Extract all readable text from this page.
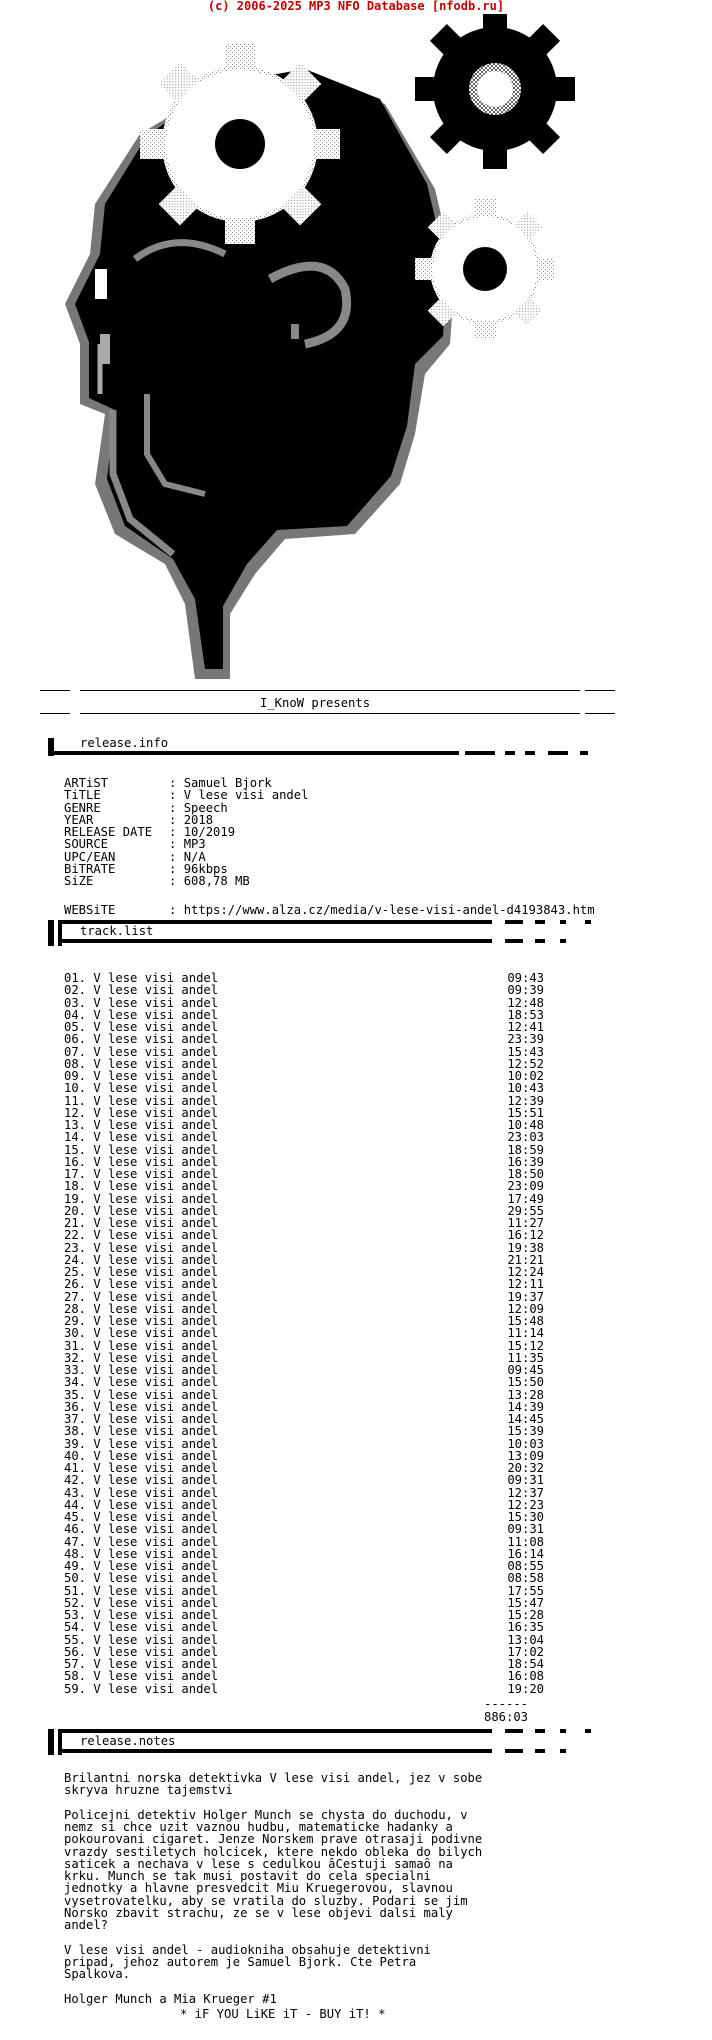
(c) 2006-2025 MP3 NFO Database [nfodb.ru]
I_KnoW presents
release.info
ARTiST	: Samuel Bjork
TiTLE	: V lese visi andel
GENRE	: Speech
YEAR	: 2018
RELEASE DATE : 10/2019
SOURCE	: MP3
UPC/EAN	: N/A
BiTRATE	: 96kbps
SiZE	: 608,78 MB
WEBSiTE	: https://www.alza.cz/media/v-lese-visi-andel-d4193843.htm
track.list
01. V lese visi andel	09:43
02. V lese visi andel	09:39
03. V lese visi andel	12:48
04. V lese visi andel	18:53
05. V lese visi andel	12:41
06. V lese visi andel	23:39
07. V lese visi andel	15:43
08. V lese visi andel	12:52
09. V lese visi andel	10:02
10. V lese visi andel	10:43
11. V lese visi andel	12:39
12. V lese visi andel	15:51
13. V lese visi andel	10:48
14. V lese visi andel	23:03
15. V lese visi andel	18:59
16. V lese visi andel	16:39
17. V lese visi andel	18:50
18. V lese visi andel	23:09
19. V lese visi andel	17:49
20. V lese visi andel	29:55
21. V lese visi andel	11:27
22. V lese visi andel	16:12
23. V lese visi andel	19:38
24. V lese visi andel	21:21
25. V lese visi andel	12:24
26. V lese visi andel	12:11
27. V lese visi andel	19:37
28. V lese visi andel	12:09
29. V lese visi andel	15:48
30. V lese visi andel	11:14
31. V lese visi andel	15:12
32. V lese visi andel	11:35
33. V lese visi andel	09:45
34. V lese visi andel	15:50
35. V lese visi andel	13:28
36. V lese visi andel	14:39
37. V lese visi andel	14:45
38. V lese visi andel	15:39
39. V lese visi andel	10:03
40. V lese visi andel	13:09
41. V lese visi andel	20:32
42. V lese visi andel	09:31
43. V lese visi andel	12:37
44. V lese visi andel	12:23
45. V lese visi andel	15:30
46. V lese visi andel	09:31
47. V lese visi andel	11:08
48. V lese visi andel	16:14
49. V lese visi andel	08:55
50. V lese visi andel	08:58
51. V lese visi andel	17:55
52. V lese visi andel	15:47
53. V lese visi andel	15:28
54. V lese visi andel	16:35
55. V lese visi andel	13:04
56. V lese visi andel	17:02
57. V lese visi andel	18:54
58. V lese visi andel	16:08
59. V lese visi andel	19:20
------
886:03
release.notes

Brilantni norska detektivka V lese visi andel, jez v sobe
skryva hruzne tajemstvi

Policejni detektiv Holger Munch se chysta do duchodu, v
nemz si chce uzit vaznou hudbu, matematicke hadanky a
pokourovani cigaret. Jenze Norskem prave otrasaji podivne
vrazdy sestiletych holcicek, ktere nekdo obleka do bilych
saticek a nechava v lese s cedulkou âCestuji samaô na
krku. Munch se tak musi postavit do cela specialni
jednotky a hlavne presvedcit Miu Kruegerovou, slavnou
vysetrovatelku, aby se vratila do sluzby. Podari se jim
Norsko zbavit strachu, ze se v lese objevi dalsi maly
andel?

V lese visi andel - audiokniha obsahuje detektivni
pripad, jehoz autorem je Samuel Bjork. Cte Petra
Spalkova.

Holger Munch a Mia Krueger #1

* iF YOU LiKE iT - BUY iT! *
